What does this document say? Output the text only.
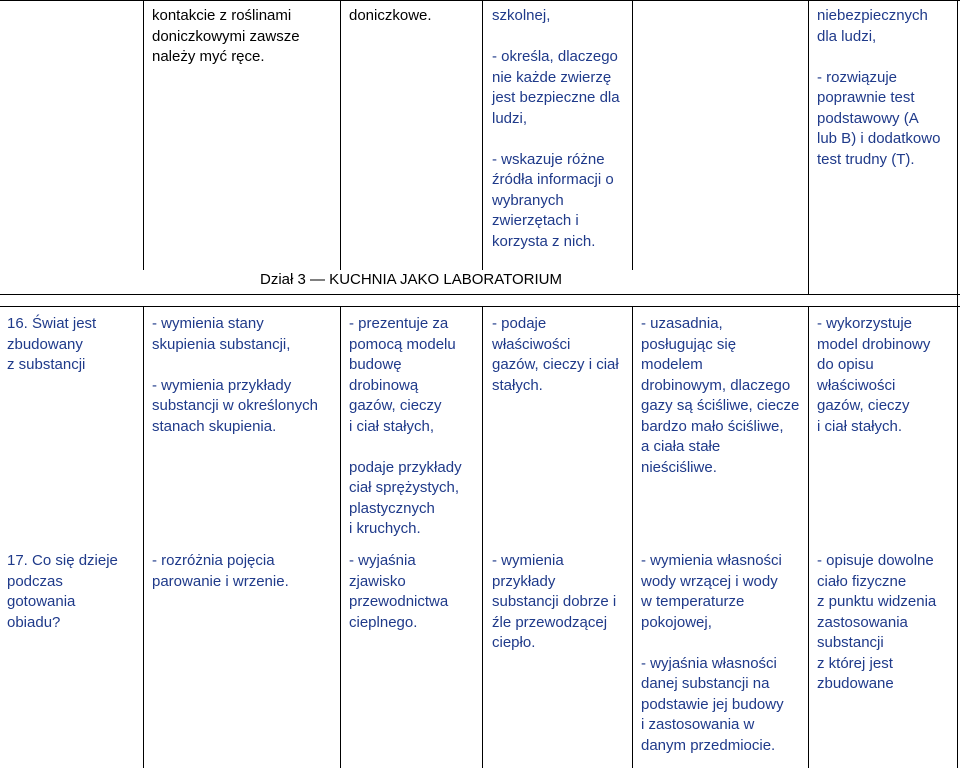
kontakcie z roślinami
doniczkowymi zawsze
należy myć ręce.
doniczkowe.	szkolnej,

- określa, dlaczego
nie każde zwierzę
jest bezpieczne dla
ludzi,

- wskazuje różne
źródła informacji o
wybranych
zwierzętach i
korzysta z nich.
niebezpiecznych
dla ludzi,

- rozwiązuje
poprawnie test
podstawowy (A
lub B) i dodatkowo
test trudny (T).
Dział 3 — KUCHNIA JAKO LABORATORIUM
16. Świat jest
zbudowany
z substancji
- wymienia stany
skupienia substancji,

- wymienia przykłady
substancji w określonych
stanach skupienia.
- prezentuje za
pomocą modelu
budowę
drobinową
gazów, cieczy
i ciał stałych,

podaje przykłady
ciał sprężystych,
plastycznych
i kruchych.
- podaje
właściwości
gazów, cieczy i ciał
stałych.
- uzasadnia,
posługując się
modelem
drobinowym, dlaczego
gazy są ściśliwe, ciecze
bardzo mało ściśliwe,
a ciała stałe
nieściśliwe.
- wykorzystuje
model drobinowy
do opisu
właściwości
gazów, cieczy
i ciał stałych.
17. Co się dzieje
podczas
gotowania
obiadu?
- rozróżnia pojęcia
parowanie i wrzenie.
- wyjaśnia
zjawisko
przewodnictwa
cieplnego.
- wymienia
przykłady
substancji dobrze i
źle przewodzącej
ciepło.
- wymienia własności
wody wrzącej i wody
w temperaturze
pokojowej,

- wyjaśnia własności
danej substancji na
podstawie jej budowy
i zastosowania w
danym przedmiocie.
- opisuje dowolne
ciało fizyczne
z punktu widzenia
zastosowania
substancji
z której jest
zbudowane
